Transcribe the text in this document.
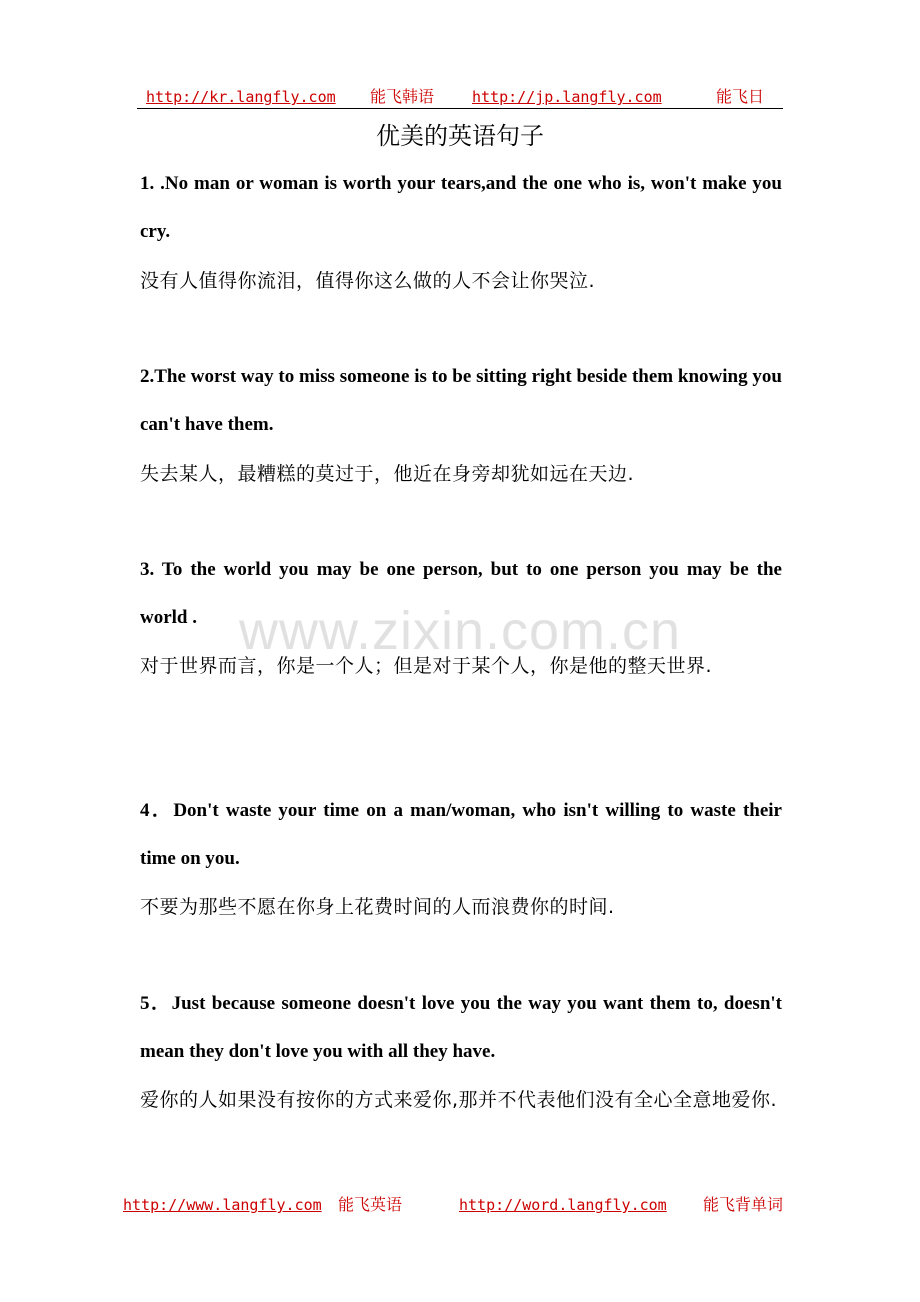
http://kr.langfly.com 能飞韩语	http://jp.langfly.com	能飞日
优美的英语句子
www.zixin.com.cn
1. .No man or woman is worth your tears,and the one who is, won't make you cry.
没有人值得你流泪，值得你这么做的人不会让你哭泣.
2.The worst way to miss someone is to be sitting right beside them knowing you can't have them.
失去某人，最糟糕的莫过于，他近在身旁却犹如远在天边.
3. To the world you may be one person, but to one person you may be the world .
对于世界而言，你是一个人；但是对于某个人，你是他的整天世界.
4．Don't waste your time on a man/woman, who isn't willing to waste their time on you.
不要为那些不愿在你身上花费时间的人而浪费你的时间.
5．Just because someone doesn't love you the way you want them to, doesn't mean they don't love you with all they have.
爱你的人如果没有按你的方式来爱你,那并不代表他们没有全心全意地爱你.
http://www.langfly.com 能飞英语	http://word.langfly.com 能飞背单词
